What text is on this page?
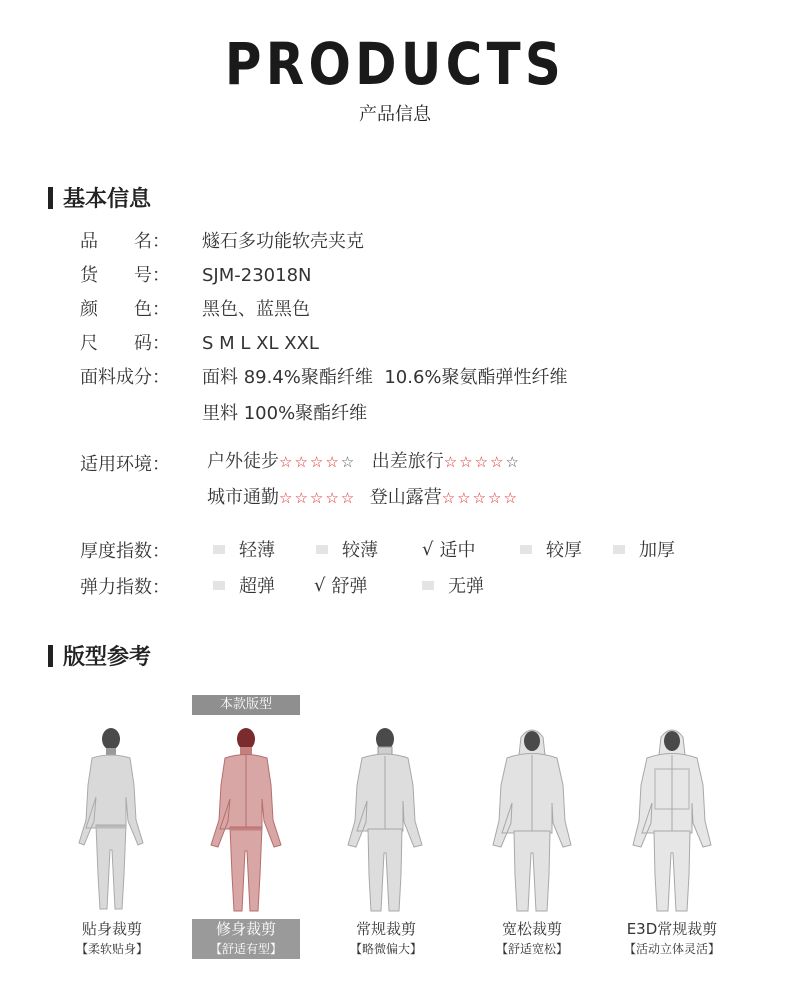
PRODUCTS
产品信息
基本信息
品　　名： 燧石多功能软壳夹克
货　　号： SJM-23018N
颜　　色： 黑色、蓝黑色
尺　　码： S M L XL XXL
面料成分： 面料 89.4%聚酯纤维  10.6%聚氨酯弹性纤维
里料 100%聚酯纤维
适用环境：	户外徒步☆☆☆☆☆ 出差旅行☆☆☆☆☆
城市通勤☆☆☆☆☆ 登山露营☆☆☆☆☆
厚度指数：	轻薄	较薄 √ 适中	较厚	加厚
弹力指数：	超弹 √ 舒弹	无弹
版型参考
本款版型
贴身裁剪
【柔软贴身】
修身裁剪
【舒适有型】
常规裁剪
【略微偏大】
宽松裁剪
【舒适宽松】
E3D常规裁剪
【活动立体灵活】
